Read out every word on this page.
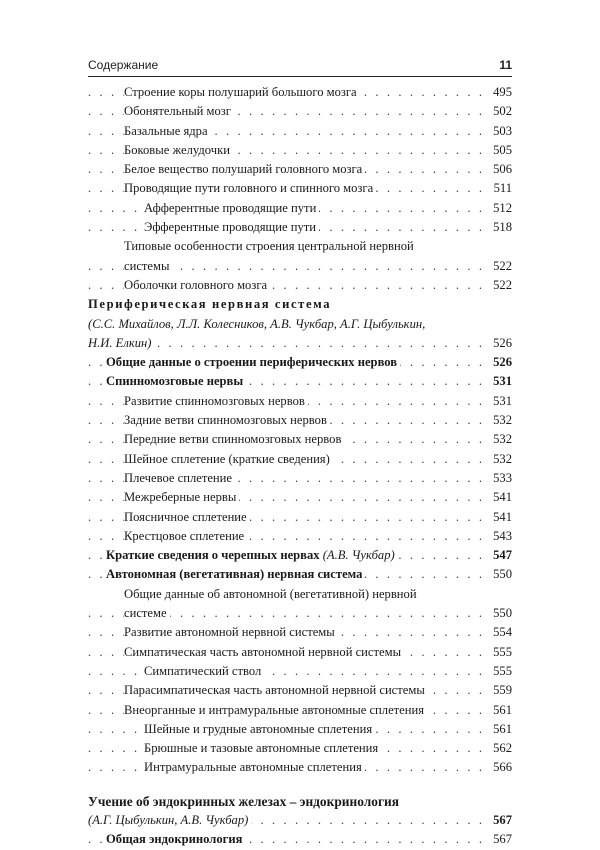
Содержание	11
. . .
Строение коры полушарий большого мозга	495
. . .
Обонятельный мозг	502
. . .
Базальные ядра	503
. . .
Боковые желудочки	505
. . .
Белое вещество полушарий головного мозга	506
. . .
Проводящие пути головного и спинного мозга	511
. . .
Афферентные проводящие пути	512
. . .
Эфферентные проводящие пути	518
Типовые особенности строения центральной нервной
. . .
системы	522
. . .
Оболочки головного мозга	522
Периферическая нервная система
(С.С. Михайлов, Л.Л. Колесников, А.В. Чукбар, А.Г. Цыбулькин,
. . .
Н.И. Елкин)	526
. . .
Общие данные о строении периферических нервов	526
. . .
Спинномозговые нервы	531
. . .
Развитие спинномозговых нервов	531
. . .
Задние ветви спинномозговых нервов	532
. . .
Передние ветви спинномозговых нервов	532
. . .
Шейное сплетение (краткие сведения)	532
. . .
Плечевое сплетение	533
. . .
Межреберные нервы	541
. . .
Поясничное сплетение	541
. . .
Крестцовое сплетение	543
. . .
Краткие сведения о черепных нервах (А.В. Чукбар)	547
. . .
Автономная (вегетативная) нервная система	550
Общие данные об автономной (вегетативной) нервной
. . .
системе	550
. . .
Развитие автономной нервной системы	554
. . .
Симпатическая часть автономной нервной системы	555
. . .
Симпатический ствол	555
. . .
Парасимпатическая часть автономной нервной системы	559
. . .
Внеорганные и интрамуральные автономные сплетения	561
. . .
Шейные и грудные автономные сплетения	561
. . .
Брюшные и тазовые автономные сплетения	562
. . .
Интрамуральные автономные сплетения	566
Учение об эндокринных железах – эндокринология
. . .
(А.Г. Цыбулькин, А.В. Чукбар)	567
. . .
Общая эндокринология	567
